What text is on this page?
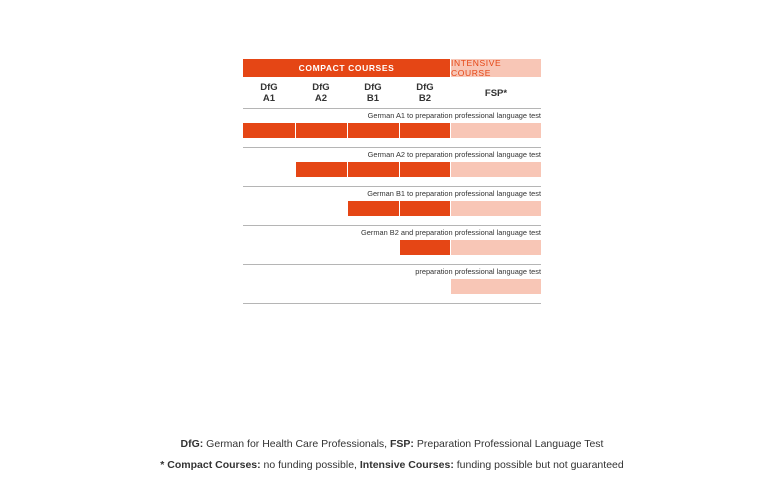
COMPACT COURSES	INTENSIVE COURSE
DfG
A1
DfG
A2
DfG
B1
DfG
B2	FSP*
German A1 to preparation professional language test
German A2 to preparation professional language test
German B1 to preparation professional language test
German B2 and preparation professional language test
preparation professional language test
DfG: German for Health Care Professionals, FSP: Preparation Professional Language Test
* Compact Courses: no funding possible, Intensive Courses: funding possible but not guaranteed
